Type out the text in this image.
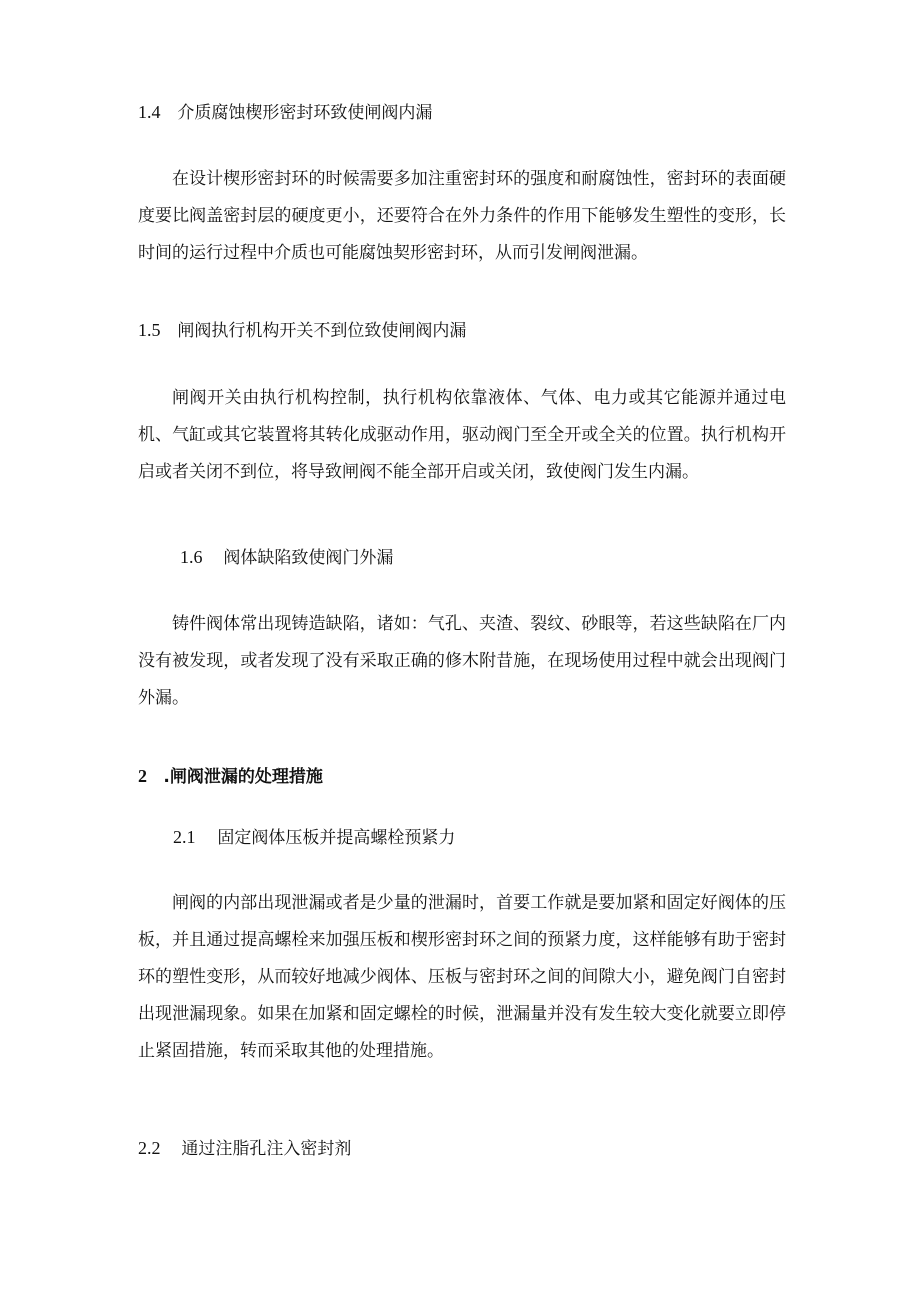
1.4 介质腐蚀楔形密封环致使闸阀内漏
在设计楔形密封环的时候需要多加注重密封环的强度和耐腐蚀性，密封环的表面硬度要比阀盖密封层的硬度更小，还要符合在外力条件的作用下能够发生塑性的变形，长时间的运行过程中介质也可能腐蚀契形密封环，从而引发闸阀泄漏。
1.5 闸阀执行机构开关不到位致使闸阀内漏
闸阀开关由执行机构控制，执行机构依靠液体、气体、电力或其它能源并通过电机、气缸或其它装置将其转化成驱动作用，驱动阀门至全开或全关的位置。执行机构开启或者关闭不到位，将导致闸阀不能全部开启或关闭，致使阀门发生内漏。
1.6 阀体缺陷致使阀门外漏
铸件阀体常出现铸造缺陷，诸如：气孔、夹渣、裂纹、砂眼等，若这些缺陷在厂内没有被发现，或者发现了没有采取正确的修木附昔施，在现场使用过程中就会出现阀门外漏。
2 .闸阀泄漏的处理措施
2.1 固定阀体压板并提高螺栓预紧力
闸阀的内部出现泄漏或者是少量的泄漏时，首要工作就是要加紧和固定好阀体的压板，并且通过提高螺栓来加强压板和楔形密封环之间的预紧力度，这样能够有助于密封环的塑性变形，从而较好地减少阀体、压板与密封环之间的间隙大小，避免阀门自密封出现泄漏现象。如果在加紧和固定螺栓的时候，泄漏量并没有发生较大变化就要立即停止紧固措施，转而采取其他的处理措施。
2.2 通过注脂孔注入密封剂
